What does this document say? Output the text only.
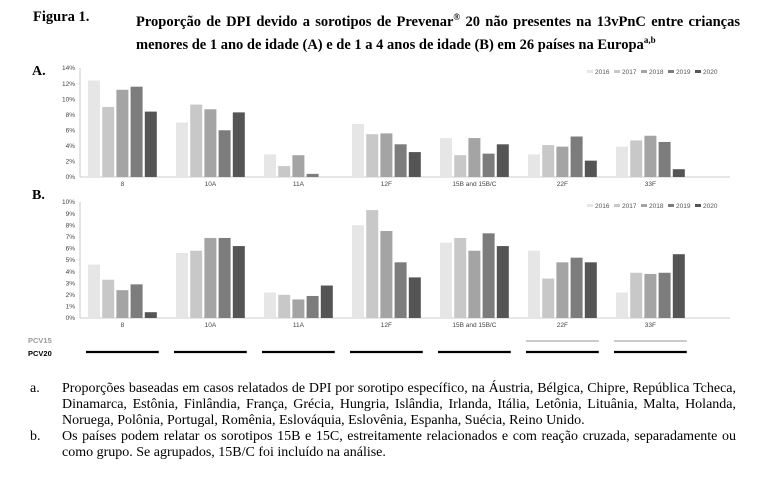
Figura 1.	Proporção de DPI devido a sorotipos de Prevenar® 20 não presentes na 13vPnC entre crianças menores de 1 ano de idade (A) e de 1 a 4 anos de idade (B) em 26 países na Europa$^{a,b}$
A.
B.
0%
2%
4%
6%
8%
10%
12%
14%
8	10A	11A	12F	15B and 15B/C	22F	33F
2016 2017 2018 2019 2020
0%
1%
2%
3%
4%
5%
6%
7%
8%
9%
10%
8	10A	11A	12F	15B and 15B/C	22F	33F
2016 2017 2018 2019 2020
PCV15
PCV20
a. Proporções baseadas em casos relatados de DPI por sorotipo específico, na Áustria, Bélgica, Chipre, República Tcheca, Dinamarca, Estônia, Finlândia, França, Grécia, Hungria, Islândia, Irlanda, Itália, Letônia, Lituânia, Malta, Holanda, Noruega, Polônia, Portugal, Romênia, Eslováquia, Eslovênia, Espanha, Suécia, Reino Unido.
b. Os países podem relatar os sorotipos 15B e 15C, estreitamente relacionados e com reação cruzada, separadamente ou como grupo. Se agrupados, 15B/C foi incluído na análise.
